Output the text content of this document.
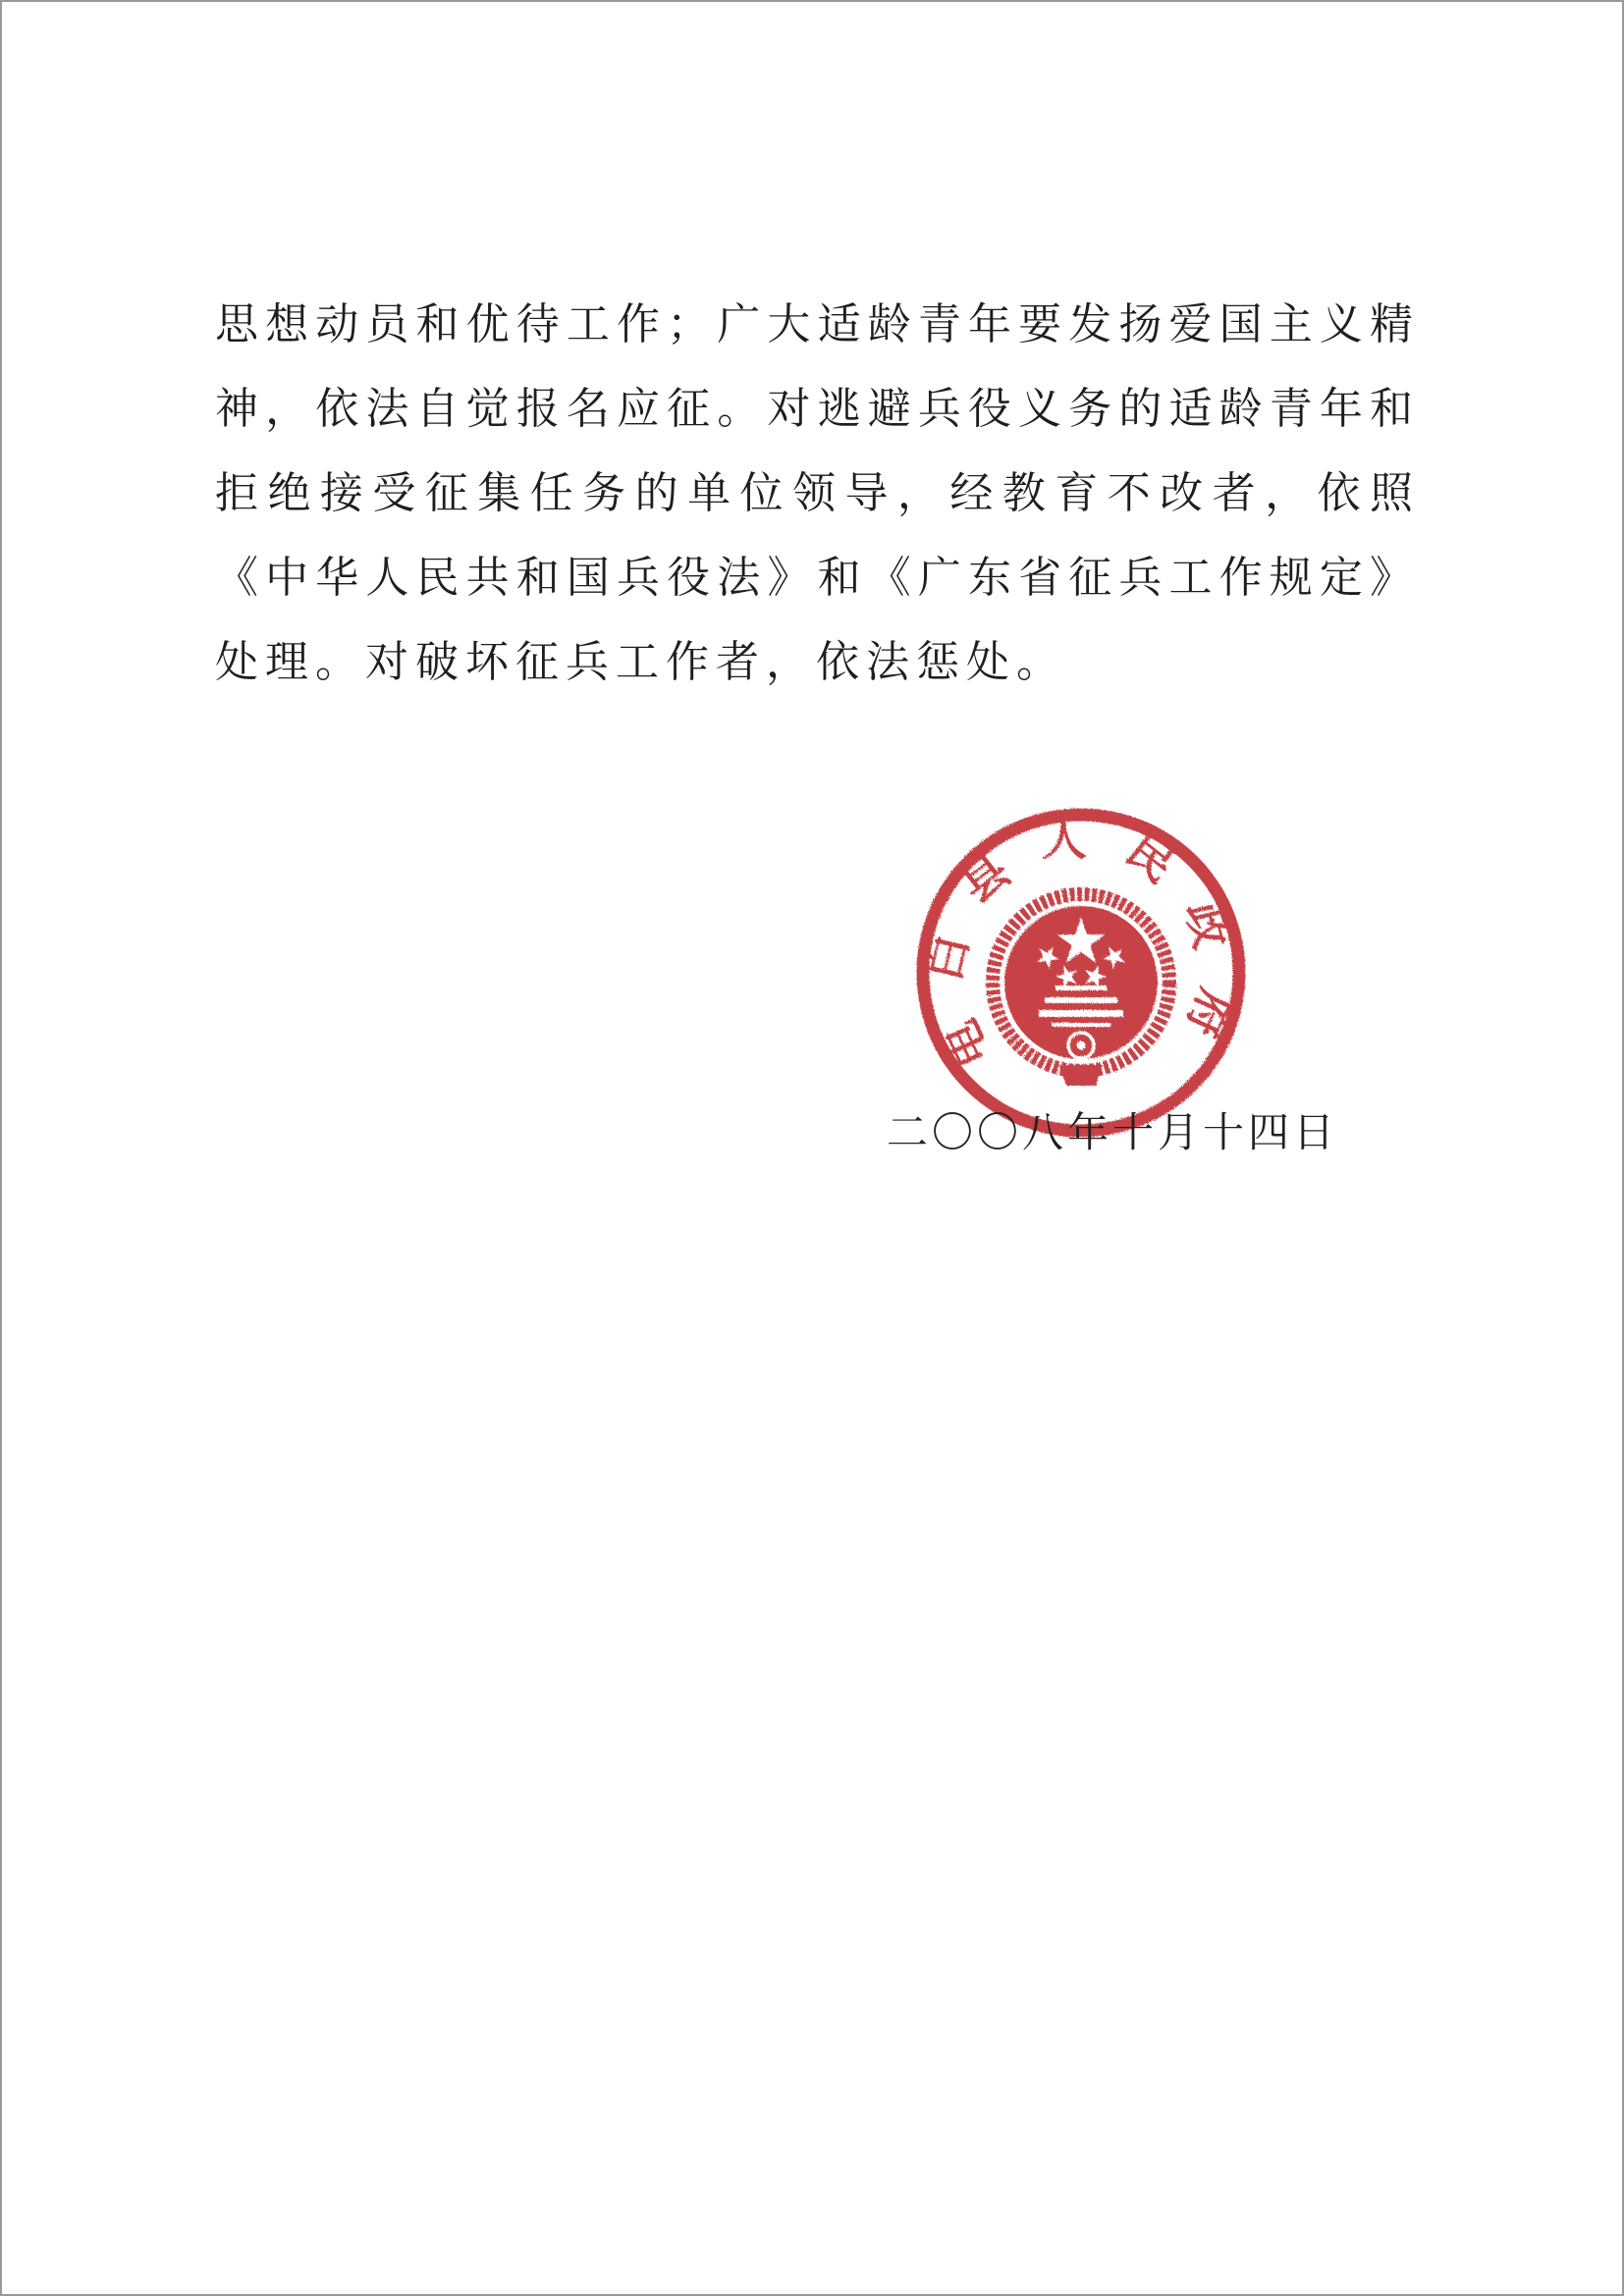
思想动员和优待工作；广大适龄青年要发扬爱国主义精
神，依法自觉报名应征。对逃避兵役义务的适龄青年和
拒绝接受征集任务的单位领导，经教育不改者，依照
《中华人民共和国兵役法》和《广东省征兵工作规定》
处理。对破坏征兵工作者，依法惩处。
电白县人民政府
二〇〇八年十月十四日
